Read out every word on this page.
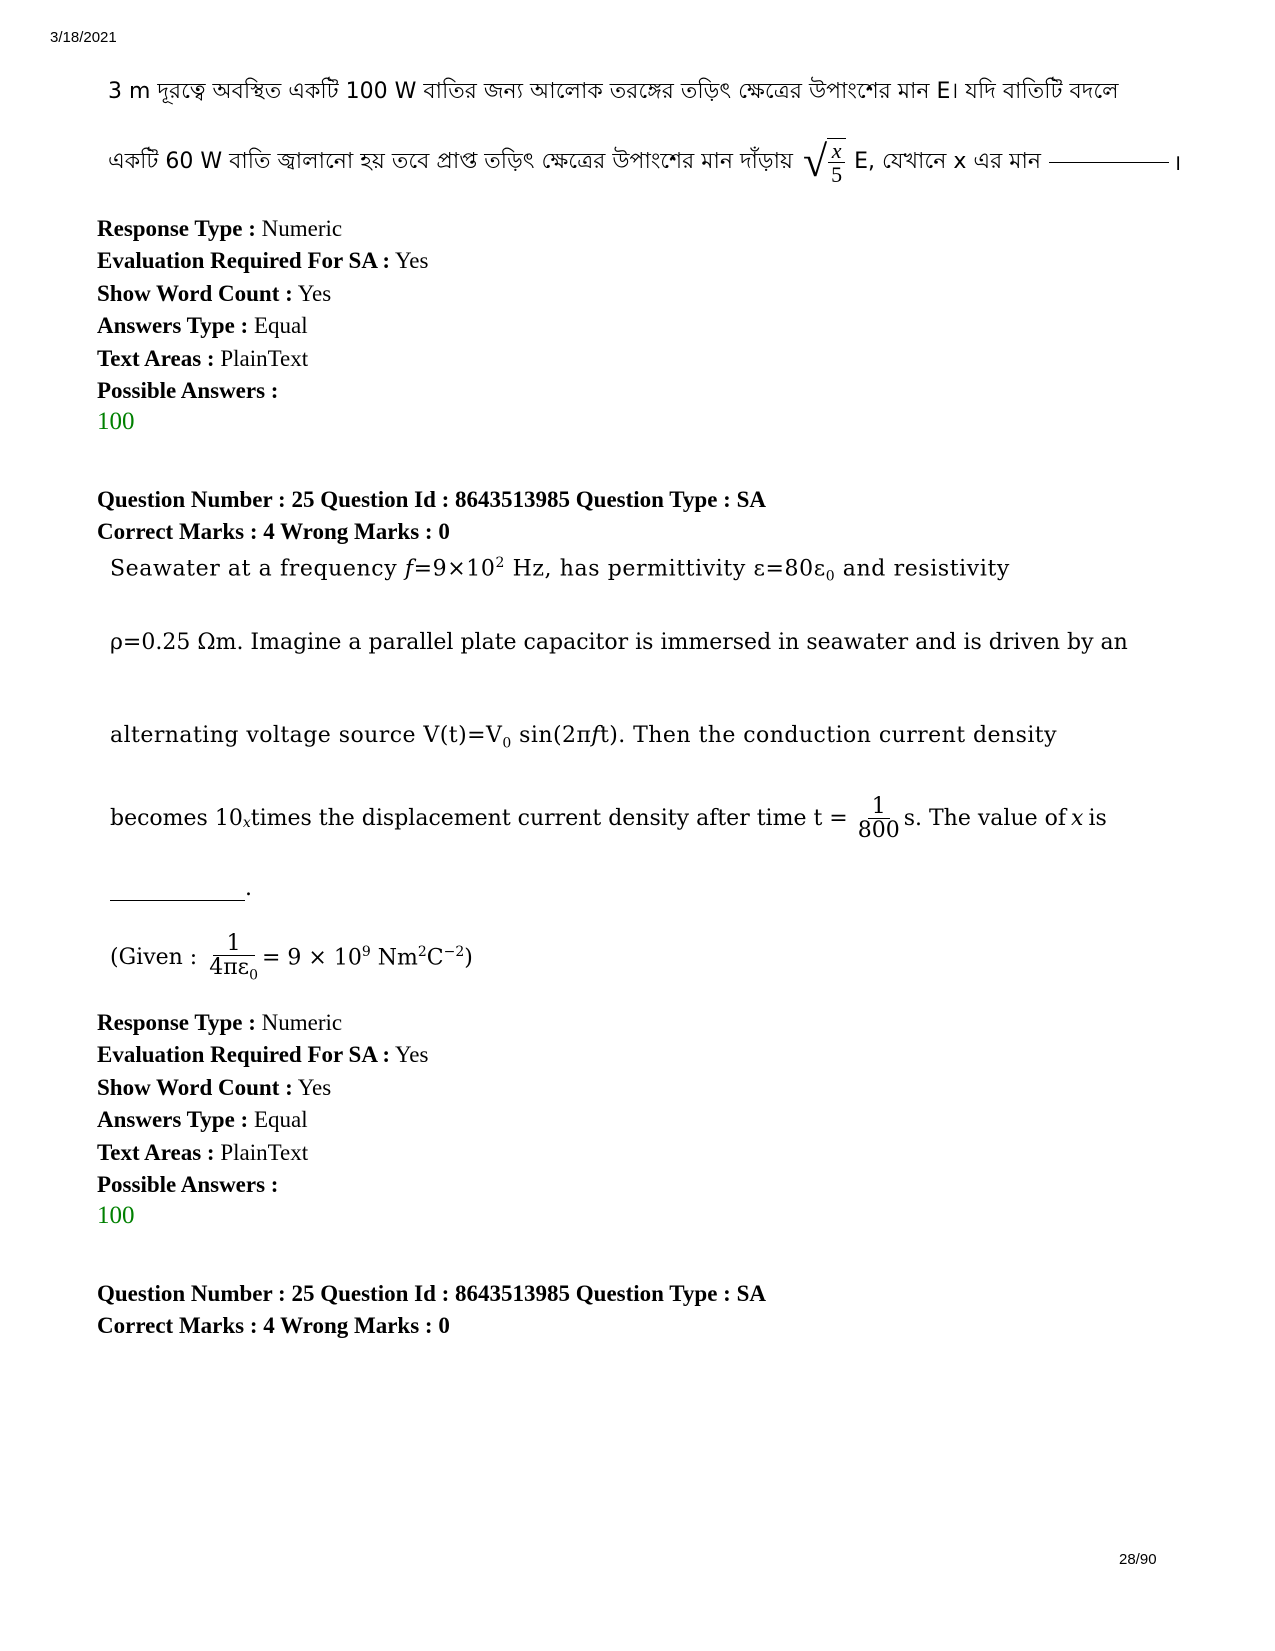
3/18/2021
28/90
3 m দূরত্বে অবস্থিত একটি 100 W বাতির জন্য আলোক তরঙ্গের তড়িৎ ক্ষেত্রের উপাংশের মান E। যদি বাতিটি বদলে
একটি 60 W বাতি জ্বালানো হয় তবে প্রাপ্ত তড়িৎ ক্ষেত্রের উপাংশের মান দাঁড়ায় √ $\frac{x}{5} E$, যেখানে x এর মান	।
Response Type : Numeric
Evaluation Required For SA : Yes
Show Word Count : Yes
Answers Type : Equal
Text Areas : PlainText
Possible Answers :
100
Question Number : 25 Question Id : 8643513985 Question Type : SA
Correct Marks : 4 Wrong Marks : 0
Seawater at a frequency $f=9\times 10^2$ Hz, has permittivity $\varepsilon=80\varepsilon_0$ and resistivity
ρ=0.25 Ωm. Imagine a parallel plate capacitor is immersed in seawater and is driven by an
alternating voltage source $V(t)=V_0$ sin(2πft). Then the conduction current density
becomes $10_x$ times the displacement current density after time $t = \frac{1}{800} s$. The value of x is
.
(Given : $\frac{1}{4\pi\varepsilon_0} = 9 \times 10^9$ $Nm^2C^{-2}$)
Response Type : Numeric
Evaluation Required For SA : Yes
Show Word Count : Yes
Answers Type : Equal
Text Areas : PlainText
Possible Answers :
100
Question Number : 25 Question Id : 8643513985 Question Type : SA
Correct Marks : 4 Wrong Marks : 0
